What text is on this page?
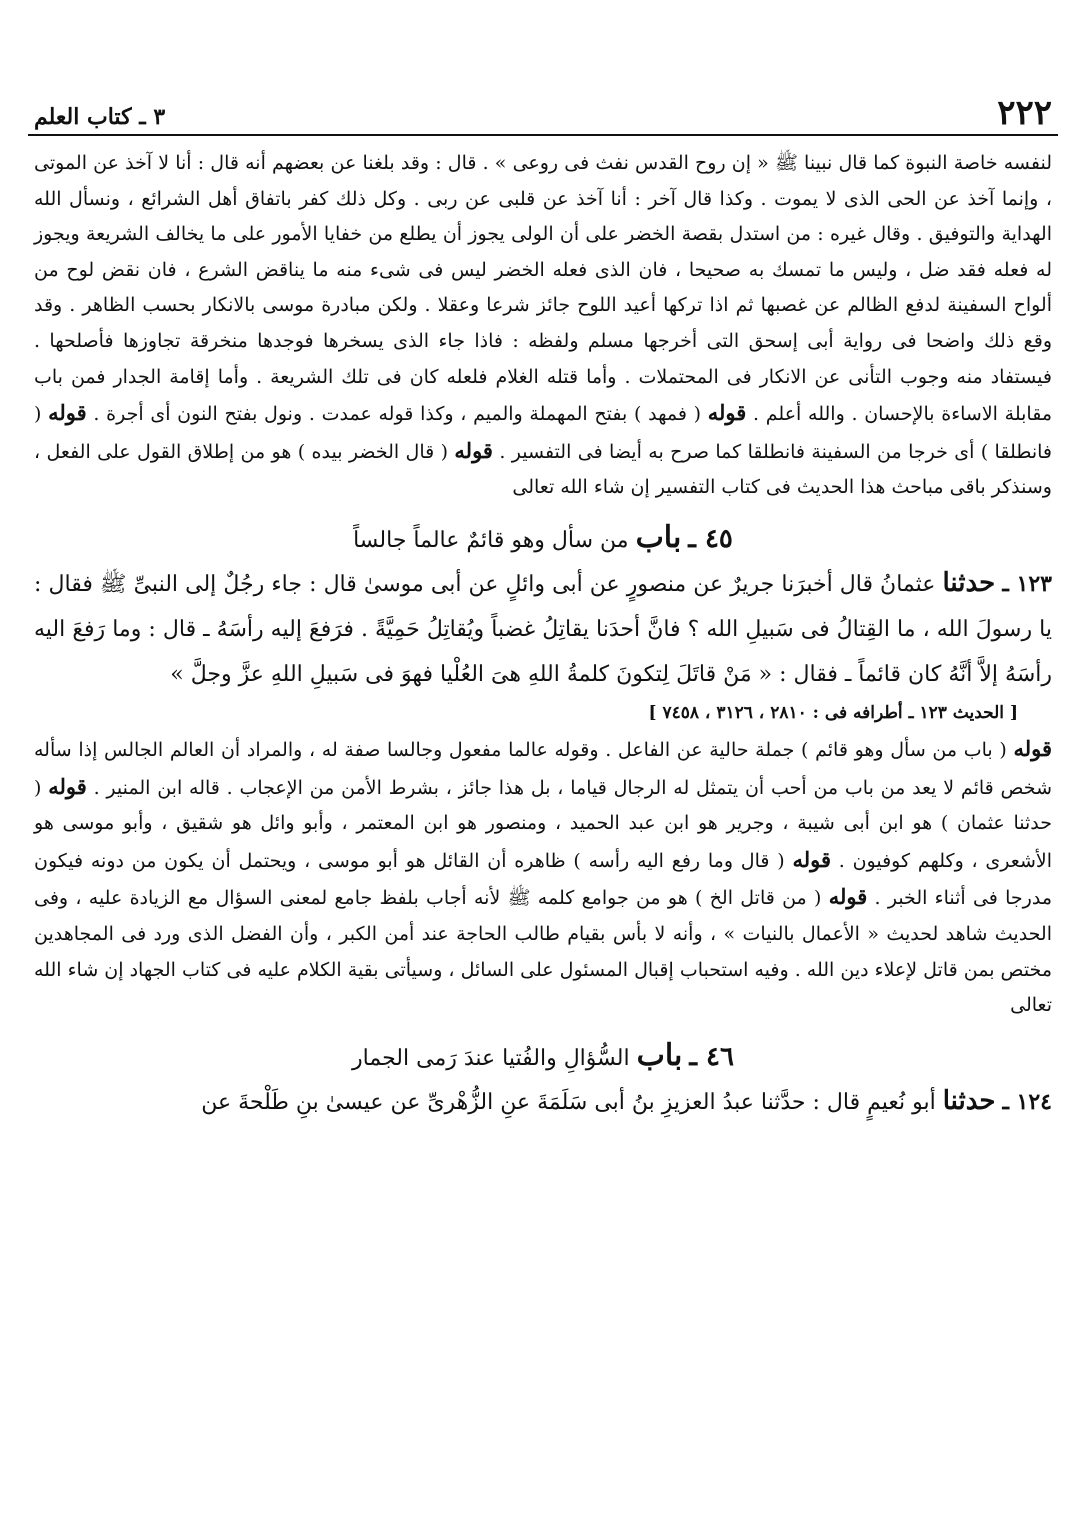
٢٢٢
٣ ـ كتاب العلم

لنفسه خاصة النبوة كما قال نبينا ﷺ « إن روح القدس نفث فى روعى » . قال : وقد بلغنا عن بعضهم أنه قال : أنا لا آخذ عن الموتى ، وإنما آخذ عن الحى الذى لا يموت . وكذا قال آخر : أنا آخذ عن قلبى عن ربى . وكل ذلك كفر باتفاق أهل الشرائع ، ونسأل الله الهداية والتوفيق . وقال غيره : من استدل بقصة الخضر على أن الولى يجوز أن يطلع من خفايا الأمور على ما يخالف الشريعة ويجوز له فعله فقد ضل ، وليس ما تمسك به صحيحا ، فان الذى فعله الخضر ليس فى شىء منه ما يناقض الشرع ، فان نقض لوح من ألواح السفينة لدفع الظالم عن غصبها ثم اذا تركها أعيد اللوح جائز شرعا وعقلا . ولكن مبادرة موسى بالانكار بحسب الظاهر . وقد وقع ذلك واضحا فى رواية أبى إسحق التى أخرجها مسلم ولفظه : فاذا جاء الذى يسخرها فوجدها منخرقة تجاوزها فأصلحها . فيستفاد منه وجوب التأنى عن الانكار فى المحتملات . وأما قتله الغلام فلعله كان فى تلك الشريعة . وأما إقامة الجدار فمن باب مقابلة الاساءة بالإحسان . والله أعلم . قوله ( فمهد ) بفتح المهملة والميم ، وكذا قوله عمدت . ونول بفتح النون أى أجرة . قوله ( فانطلقا ) أى خرجا من السفينة فانطلقا كما صرح به أيضا فى التفسير . قوله ( قال الخضر بيده ) هو من إطلاق القول على الفعل ، وسنذكر باقى مباحث هذا الحديث فى كتاب التفسير إن شاء الله تعالى

٤٥ ـ باب من سأل وهو قائمٌ عالماً جالساً

١٢٣ ـ حدثنا عثمانُ قال أخبرَنا جريرٌ عن منصورٍ عن أبى وائلٍ عن أبى موسىٰ قال : جاء رجُلٌ إلى النبىِّ ﷺ فقال : يا رسولَ الله ، ما القِتالُ فى سَبيلِ الله ؟ فانَّ أحدَنا يقاتِلُ غضباً ويُقاتِلُ حَمِيَّةً . فرَفعَ إليه رأسَهُ ـ قال : وما رَفعَ اليه رأسَهُ إلاَّ أنَّهُ كان قائماً ـ فقال : « مَنْ قاتَلَ لِتكونَ كلمةُ اللهِ هىَ العُلْيا فهوَ فى سَبيلِ اللهِ عزَّ وجلَّ »

[ الحديث ١٢٣ ـ أطرافه فى : ٢٨١٠ ، ٣١٢٦ ، ٧٤٥٨ ]

قوله ( باب من سأل وهو قائم ) جملة حالية عن الفاعل . وقوله عالما مفعول وجالسا صفة له ، والمراد أن العالم الجالس إذا سأله شخص قائم لا يعد من باب من أحب أن يتمثل له الرجال قياما ، بل هذا جائز ، بشرط الأمن من الإعجاب . قاله ابن المنير . قوله ( حدثنا عثمان ) هو ابن أبى شيبة ، وجرير هو ابن عبد الحميد ، ومنصور هو ابن المعتمر ، وأبو وائل هو شقيق ، وأبو موسى هو الأشعرى ، وكلهم كوفيون . قوله ( قال وما رفع اليه رأسه ) ظاهره أن القائل هو أبو موسى ، ويحتمل أن يكون من دونه فيكون مدرجا فى أثناء الخبر . قوله ( من قاتل الخ ) هو من جوامع كلمه ﷺ لأنه أجاب بلفظ جامع لمعنى السؤال مع الزيادة عليه ، وفى الحديث شاهد لحديث « الأعمال بالنيات » ، وأنه لا بأس بقيام طالب الحاجة عند أمن الكبر ، وأن الفضل الذى ورد فى المجاهدين مختص بمن قاتل لإعلاء دين الله . وفيه استحباب إقبال المسئول على السائل ، وسيأتى بقية الكلام عليه فى كتاب الجهاد إن شاء الله تعالى

٤٦ ـ باب السُّؤالِ والفُتيا عندَ رَمى الجمار

١٢٤ ـ حدثنا أبو نُعيمٍ قال : حدَّثنا عبدُ العزيزِ بنُ أبى سَلَمَةَ عنِ الزُّهْرىِّ عن عيسىٰ بنِ طَلْحةَ عن
